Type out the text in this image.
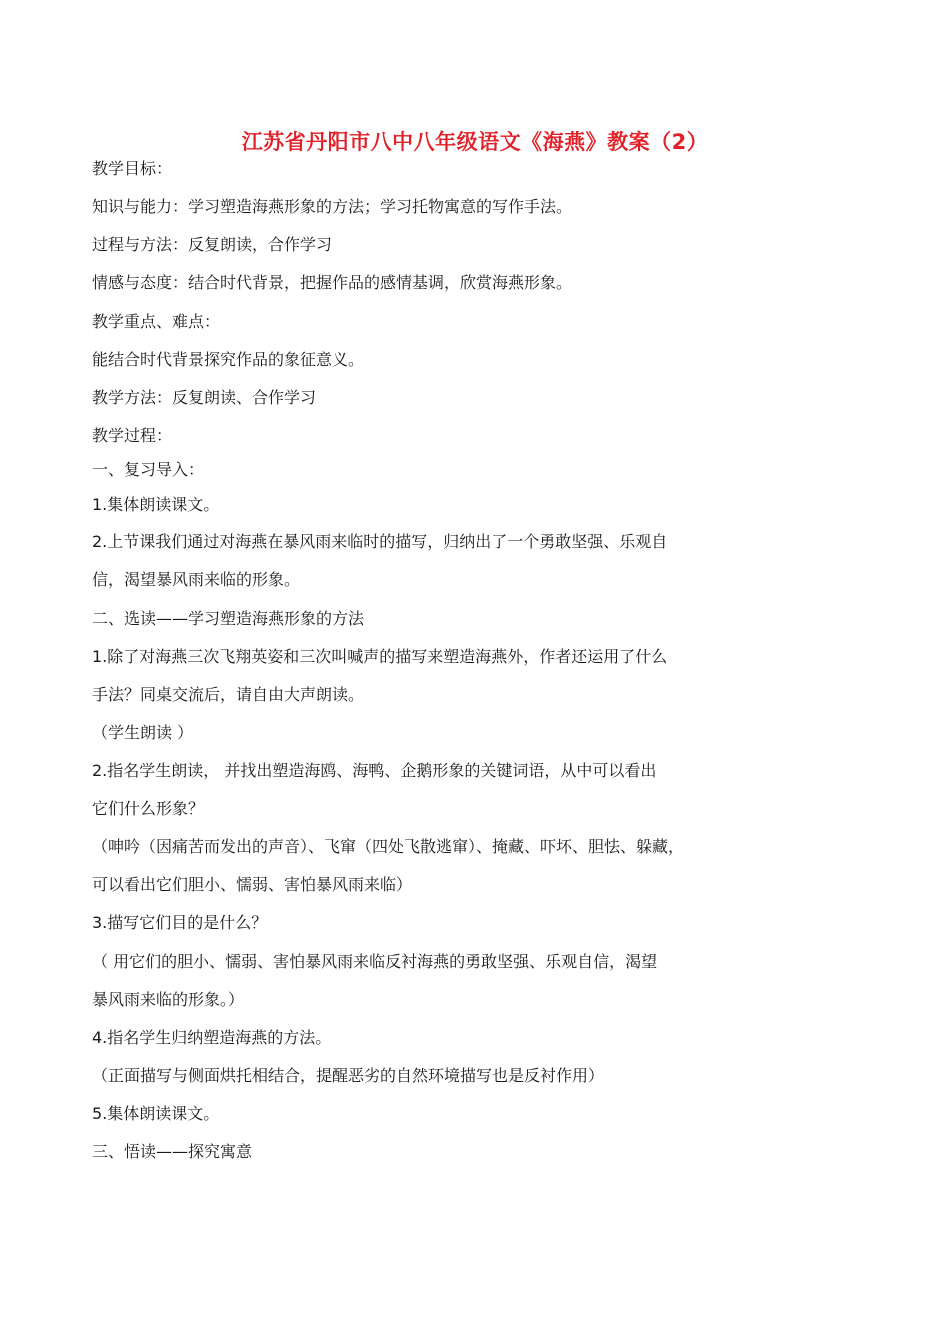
江苏省丹阳市八中八年级语文《海燕》教案（2）
教学目标：
知识与能力：学习塑造海燕形象的方法；学习托物寓意的写作手法。
过程与方法：反复朗读，合作学习
情感与态度：结合时代背景，把握作品的感情基调，欣赏海燕形象。
教学重点、难点：
能结合时代背景探究作品的象征意义。
教学方法：反复朗读、合作学习
教学过程：
一、复习导入：
1.集体朗读课文。
2.上节课我们通过对海燕在暴风雨来临时的描写，归纳出了一个勇敢坚强、乐观自
信，渴望暴风雨来临的形象。
二、选读——学习塑造海燕形象的方法
1.除了对海燕三次飞翔英姿和三次叫喊声的描写来塑造海燕外，作者还运用了什么
手法？同桌交流后，请自由大声朗读。
（学生朗读 ）
2.指名学生朗读， 并找出塑造海鸥、海鸭、企鹅形象的关键词语，从中可以看出
它们什么形象？
（呻吟（因痛苦而发出的声音）、飞窜（四处飞散逃窜）、掩藏、吓坏、胆怯、躲藏，
可以看出它们胆小、懦弱、害怕暴风雨来临）
3.描写它们目的是什么？
（ 用它们的胆小、懦弱、害怕暴风雨来临反衬海燕的勇敢坚强、乐观自信，渴望
暴风雨来临的形象。）
4.指名学生归纳塑造海燕的方法。
（正面描写与侧面烘托相结合，提醒恶劣的自然环境描写也是反衬作用）
5.集体朗读课文。
三、悟读——探究寓意
